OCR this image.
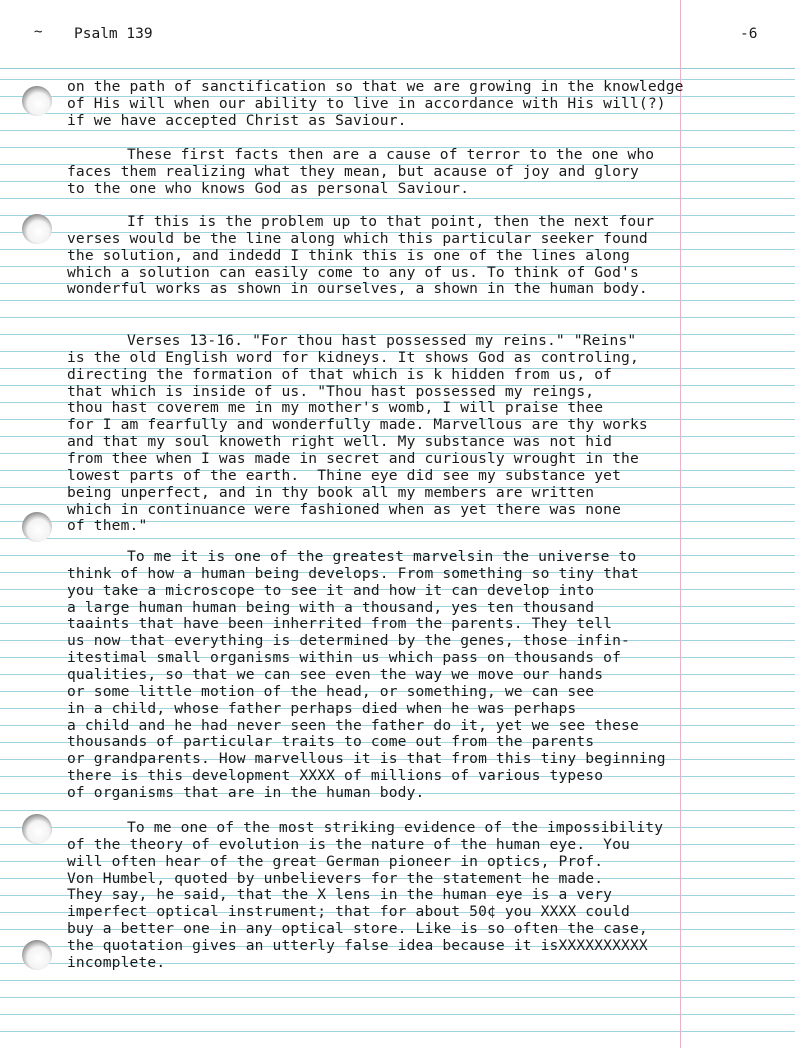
~ Psalm 139	-6
on the path of sanctification so that we are growing in the knowledge
of His will when our ability to live in accordance with His will(?)
if we have accepted Christ as Saviour.
These first facts then are a cause of terror to the one who
faces them realizing what they mean, but acause of joy and glory
to the one who knows God as personal Saviour.
If this is the problem up to that point, then the next four
verses would be the line along which this particular seeker found
the solution, and indedd I think this is one of the lines along
which a solution can easily come to any of us. To think of God's
wonderful works as shown in ourselves, a shown in the human body.
Verses 13-16. "For thou hast possessed my reins." "Reins"
is the old English word for kidneys. It shows God as controling,
directing the formation of that which is k hidden from us, of
that which is inside of us. "Thou hast possessed my reings,
thou hast coverem me in my mother's womb, I will praise thee
for I am fearfully and wonderfully made. Marvellous are thy works
and that my soul knoweth right well. My substance was not hid
from thee when I was made in secret and curiously wrought in the
lowest parts of the earth.  Thine eye did see my substance yet
being unperfect, and in thy book all my members are written
which in continuance were fashioned when as yet there was none
of them."
To me it is one of the greatest marvelsin the universe to
think of how a human being develops. From something so tiny that
you take a microscope to see it and how it can develop into
a large human human being with a thousand, yes ten thousand
taaints that have been inherrited from the parents. They tell
us now that everything is determined by the genes, those infin-
itestimal small organisms within us which pass on thousands of
qualities, so that we can see even the way we move our hands
or some little motion of the head, or something, we can see
in a child, whose father perhaps died when he was perhaps
a child and he had never seen the father do it, yet we see these
thousands of particular traits to come out from the parents
or grandparents. How marvellous it is that from this tiny beginning
there is this development XXXX of millions of various typeso
of organisms that are in the human body.
To me one of the most striking evidence of the impossibility
of the theory of evolution is the nature of the human eye.  You
will often hear of the great German pioneer in optics, Prof.
Von Humbel, quoted by unbelievers for the statement he made.
They say, he said, that the X lens in the human eye is a very
imperfect optical instrument; that for about 50¢ you XXXX could
buy a better one in any optical store. Like is so often the case,
the quotation gives an utterly false idea because it isXXXXXXXXXX
incomplete.
